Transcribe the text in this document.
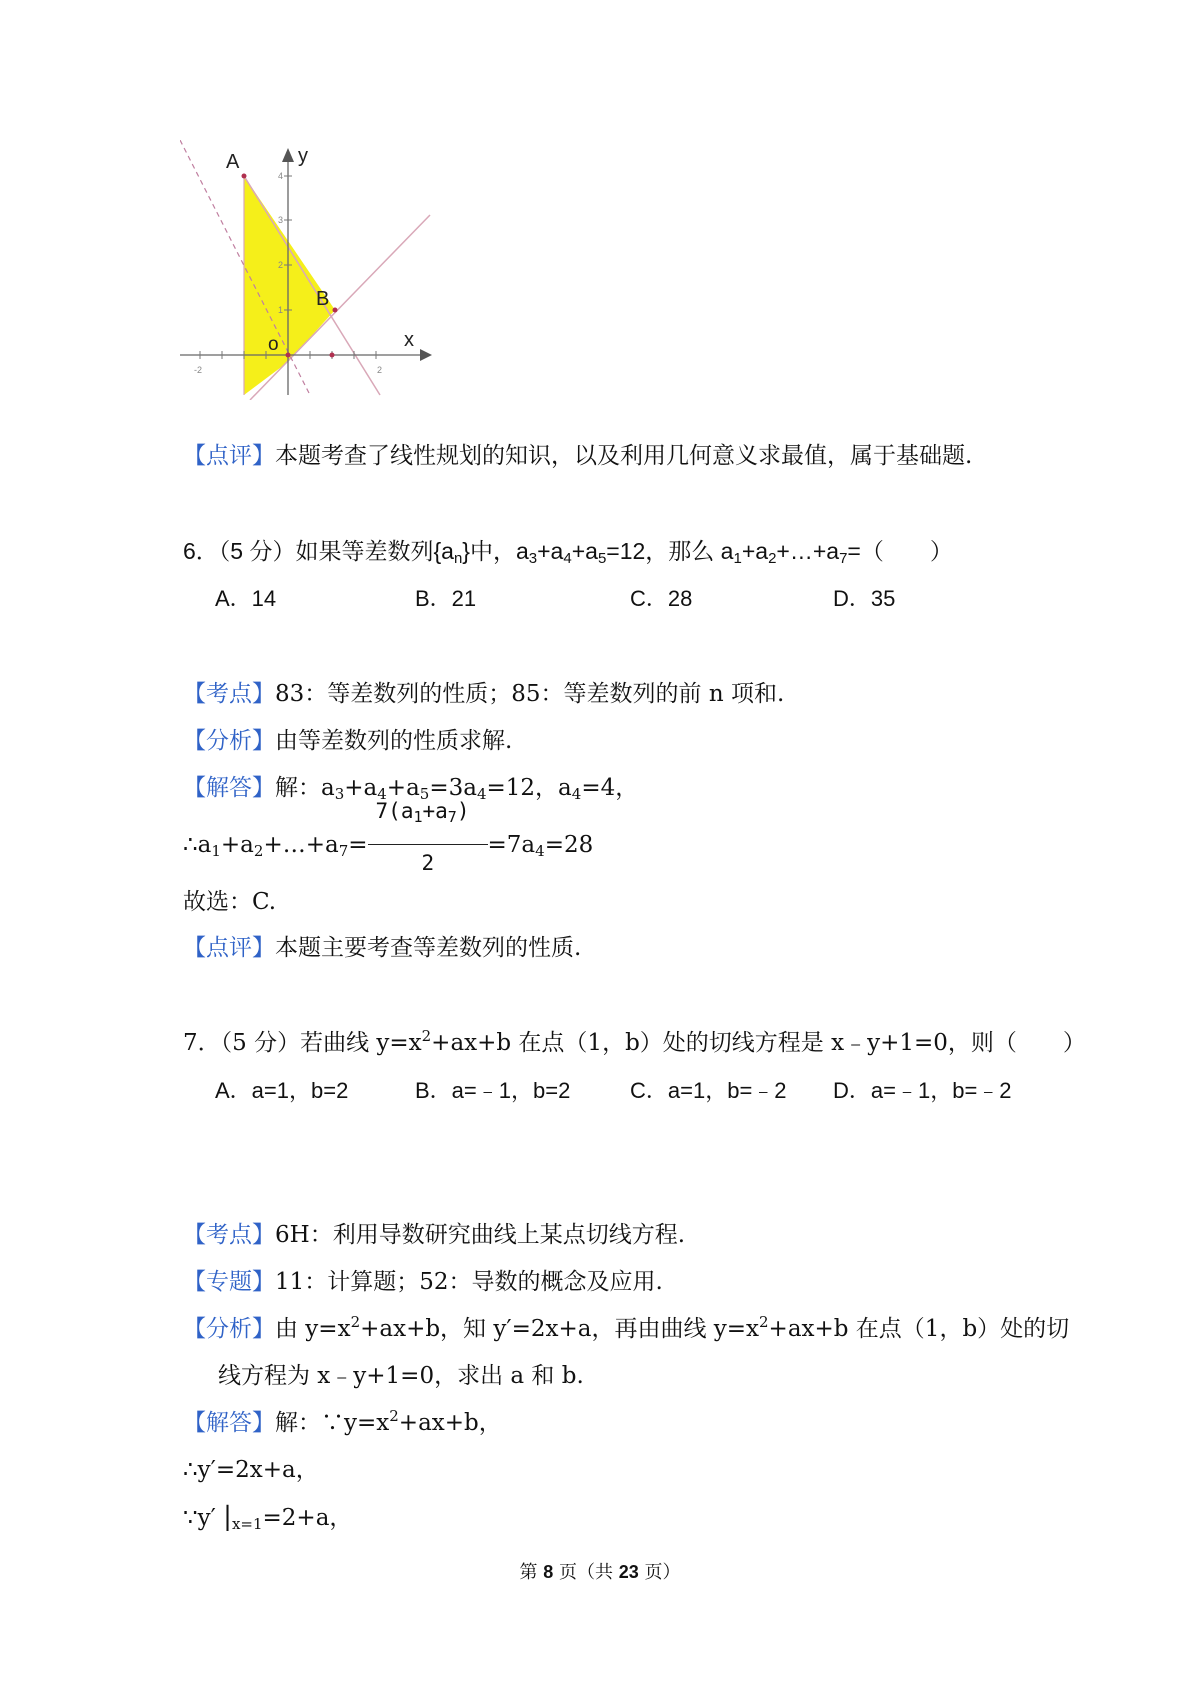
A
B
o	x
y
-2	2
1
2
3
4
【点评】本题考查了线性规划的知识，以及利用几何意义求最值，属于基础题.
6．（5 分）如果等差数列$\{a_n\}$中，$a_3+a_4+a_5=12$，那么 $a_1+a_2+\dots+a_7=$（　　）
A．14	B．21	C．28	D．35
【考点】83：等差数列的性质；85：等差数列的前 n 项和.
【分析】由等差数列的性质求解.
【解答】解：$a_3+a_4+a_5=3a_4=12$，$a_4=4$，
$\therefore a_1+a_2+\dots+a_7= \frac{7(a_1+a_7)}{2} =7a_4=28$
故选：C.
【点评】本题主要考查等差数列的性质.
7．（5 分）若曲线 $y=x^2+ax+b$ 在点（1，b）处的切线方程是 x﹣y+1=0，则（　　）
A．a=1，b=2	B．a=﹣1，b=2	C．a=1，b=﹣2 D．a=﹣1，b=﹣2
【考点】6H：利用导数研究曲线上某点切线方程.
【专题】11：计算题；52：导数的概念及应用.
【分析】由 $y=x^2+ax+b$，知 y′=2x+a，再由曲线 $y=x^2+ax+b$ 在点（1，b）处的切
线方程为 x﹣y+1=0，求出 a 和 b.
【解答】解：$\because y=x^2+ax+b$，
∴y′=2x+a，
∵y′ $|_{x=1}=2+a$，
第 8 页（共 23 页）
